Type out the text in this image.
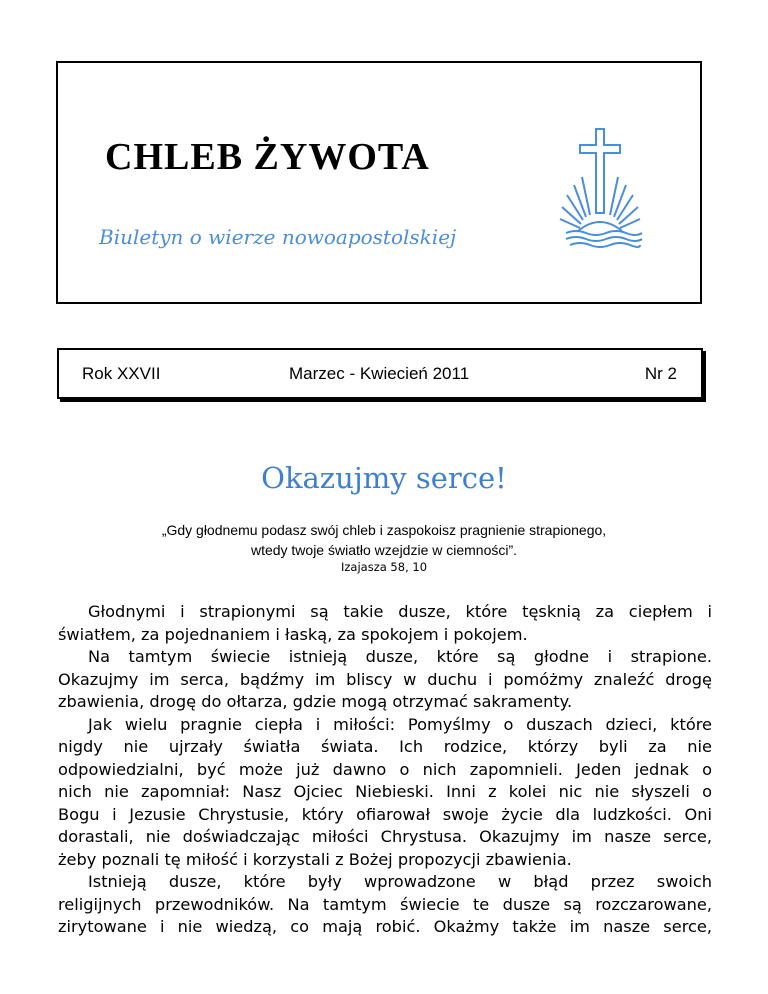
CHLEB ŻYWOTA
Biuletyn o wierze nowoapostolskiej
Rok XXVII	Marzec - Kwiecień 2011	Nr 2
Okazujmy serce!
„Gdy głodnemu podasz swój chleb i zaspokoisz pragnienie strapionego,
wtedy twoje światło wzejdzie w ciemności”.
Izajasza 58, 10
Głodnymi i strapionymi są takie dusze, które tęsknią za ciepłem i
światłem, za pojednaniem i łaską, za spokojem i pokojem.
Na tamtym świecie istnieją dusze, które są głodne i strapione.
Okazujmy im serca, bądźmy im bliscy w duchu i pomóżmy znaleźć drogę
zbawienia, drogę do ołtarza, gdzie mogą otrzymać sakramenty.
Jak wielu pragnie ciepła i miłości: Pomyślmy o duszach dzieci, które
nigdy nie ujrzały światła świata. Ich rodzice, którzy byli za nie
odpowiedzialni, być może już dawno o nich zapomnieli. Jeden jednak o
nich nie zapomniał: Nasz Ojciec Niebieski. Inni z kolei nic nie słyszeli o
Bogu i Jezusie Chrystusie, który ofiarował swoje życie dla ludzkości. Oni
dorastali, nie doświadczając miłości Chrystusa. Okazujmy im nasze serce,
żeby poznali tę miłość i korzystali z Bożej propozycji zbawienia.
Istnieją dusze, które były wprowadzone w błąd przez swoich
religijnych przewodników. Na tamtym świecie te dusze są rozczarowane,
zirytowane i nie wiedzą, co mają robić. Okażmy także im nasze serce,
